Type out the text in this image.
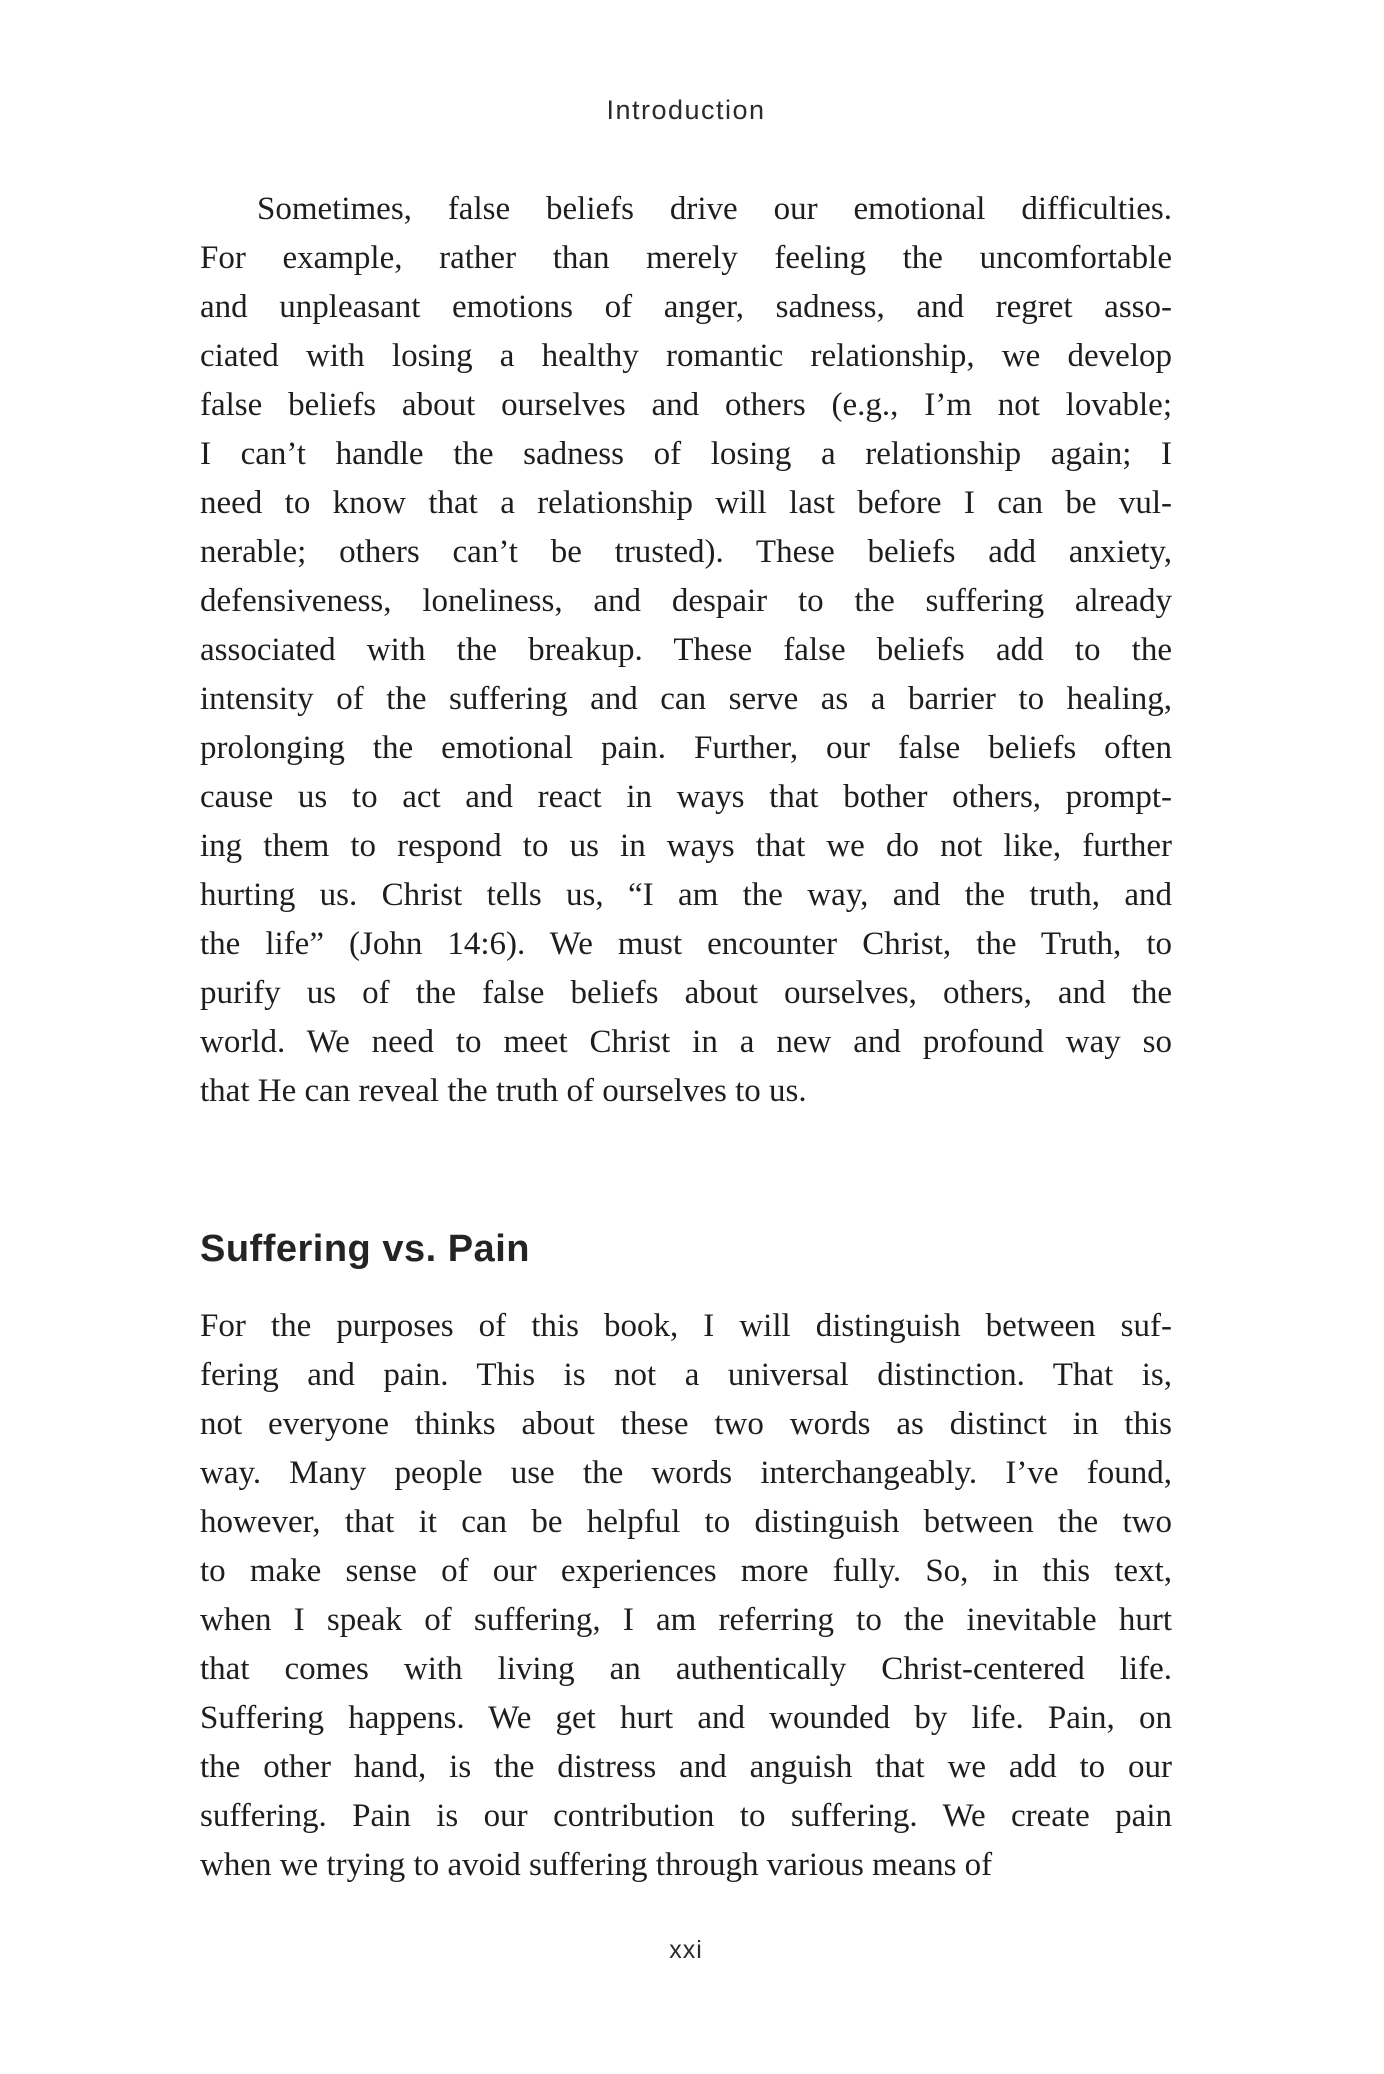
Introduction
Sometimes, false beliefs drive our emotional difficulties.
For example, rather than merely feeling the uncomfortable
and unpleasant emotions of anger, sadness, and regret asso-
ciated with losing a healthy romantic relationship, we develop
false beliefs about ourselves and others (e.g., I’m not lovable;
I can’t handle the sadness of losing a relationship again; I
need to know that a relationship will last before I can be vul-
nerable; others can’t be trusted). These beliefs add anxiety,
defensiveness, loneliness, and despair to the suffering already
associated with the breakup. These false beliefs add to the
intensity of the suffering and can serve as a barrier to healing,
prolonging the emotional pain. Further, our false beliefs often
cause us to act and react in ways that bother others, prompt-
ing them to respond to us in ways that we do not like, further
hurting us. Christ tells us, “I am the way, and the truth, and
the life” (John 14:6). We must encounter Christ, the Truth, to
purify us of the false beliefs about ourselves, others, and the
world. We need to meet Christ in a new and profound way so
that He can reveal the truth of ourselves to us.
Suffering vs. Pain
For the purposes of this book, I will distinguish between suf-
fering and pain. This is not a universal distinction. That is,
not everyone thinks about these two words as distinct in this
way. Many people use the words interchangeably. I’ve found,
however, that it can be helpful to distinguish between the two
to make sense of our experiences more fully. So, in this text,
when I speak of suffering, I am referring to the inevitable hurt
that comes with living an authentically Christ-centered life.
Suffering happens. We get hurt and wounded by life. Pain, on
the other hand, is the distress and anguish that we add to our
suffering. Pain is our contribution to suffering. We create pain
when we trying to avoid suffering through various means of
xxi
